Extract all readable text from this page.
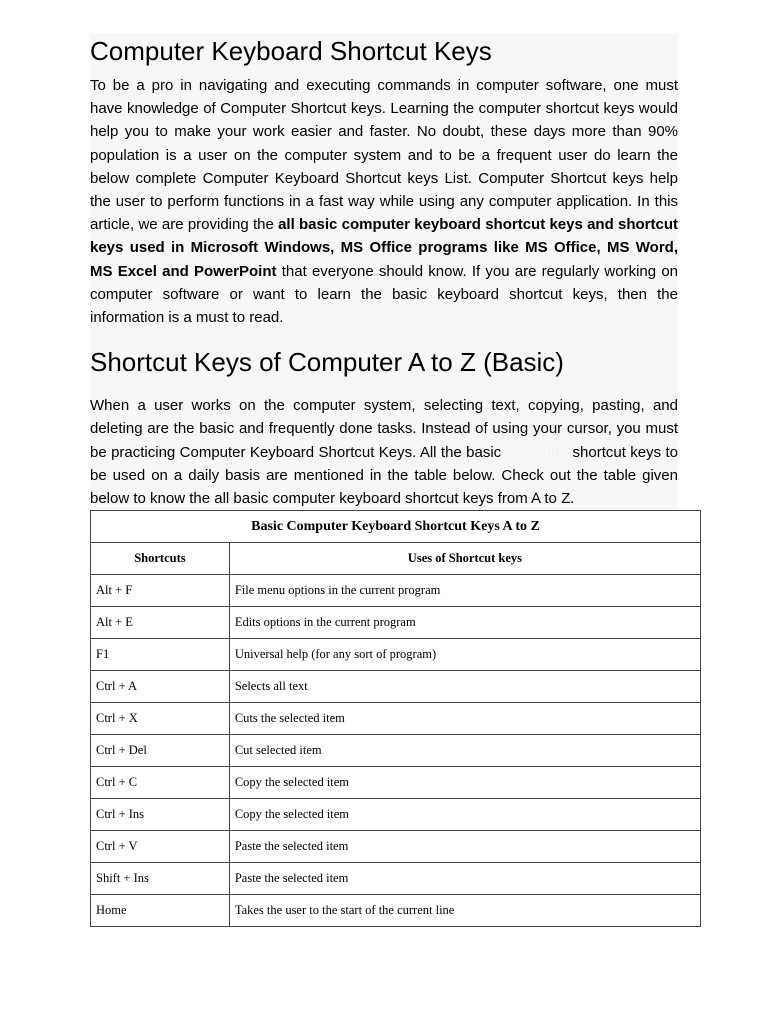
Computer Keyboard Shortcut Keys

To be a pro in navigating and executing commands in computer software, one must have knowledge of Computer Shortcut keys. Learning the computer shortcut keys would help you to make your work easier and faster. No doubt, these days more than 90% population is a user on the computer system and to be a frequent user do learn the below complete Computer Keyboard Shortcut keys List. Computer Shortcut keys help the user to perform functions in a fast way while using any computer application. In this article, we are providing the all basic computer keyboard shortcut keys and shortcut keys used in Microsoft Windows, MS Office programs like MS Office, MS Word, MS Excel and PowerPoint that everyone should know. If you are regularly working on computer software or want to learn the basic keyboard shortcut keys, then the information is a must to read.

Shortcut Keys of Computer A to Z (Basic)

When a user works on the computer system, selecting text, copying, pasting, and deleting are the basic and frequently done tasks. Instead of using your cursor, you must be practicing Computer Keyboard Shortcut Keys. All the basic computer shortcut keys to be used on a daily basis are mentioned in the table below. Check out the table given below to know the all basic computer keyboard shortcut keys from A to Z.

Basic Computer Keyboard Shortcut Keys A to Z	
Shortcuts	Uses of Shortcut keys
Alt + F	File menu options in the current program
Alt + E	Edits options in the current program
F1	Universal help (for any sort of program)
Ctrl + A	Selects all text
Ctrl + X	Cuts the selected item
Ctrl + Del	Cut selected item
Ctrl + C	Copy the selected item
Ctrl + Ins	Copy the selected item
Ctrl + V	Paste the selected item
Shift + Ins	Paste the selected item
Home	Takes the user to the start of the current line
